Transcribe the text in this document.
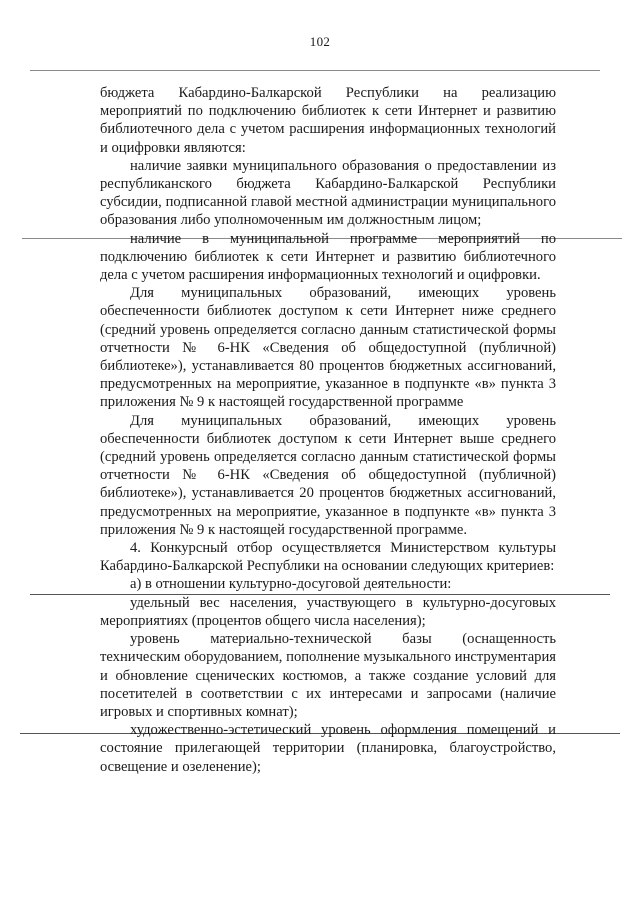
102

бюджета Кабардино-Балкарской Республики на реализацию мероприятий по подключению библиотек к сети Интернет и развитию библиотечного дела с учетом расширения информационных технологий и оцифровки являются:

наличие заявки муниципального образования о предоставлении из республиканского бюджета Кабардино-Балкарской Республики субсидии, подписанной главой местной администрации муниципального образования либо уполномоченным им должностным лицом;

наличие в муниципальной программе мероприятий по подключению библиотек к сети Интернет и развитию библиотечного дела с учетом расширения информационных технологий и оцифровки.

Для муниципальных образований, имеющих уровень обеспеченности библиотек доступом к сети Интернет ниже среднего (средний уровень определяется согласно данным статистической формы отчетности № 6-НК «Сведения об общедоступной (публичной) библиотеке»), устанавливается 80 процентов бюджетных ассигнований, предусмотренных на мероприятие, указанное в подпункте «в» пункта 3 приложения № 9 к настоящей государственной программе

Для муниципальных образований, имеющих уровень обеспеченности библиотек доступом к сети Интернет выше среднего (средний уровень определяется согласно данным статистической формы отчетности № 6-НК «Сведения об общедоступной (публичной) библиотеке»), устанавливается 20 процентов бюджетных ассигнований, предусмотренных на мероприятие, указанное в подпункте «в» пункта 3 приложения № 9 к настоящей государственной программе.

4. Конкурсный отбор осуществляется Министерством культуры Кабардино-Балкарской Республики на основании следующих критериев:

а) в отношении культурно-досуговой деятельности:

удельный вес населения, участвующего в культурно-досуговых мероприятиях (процентов общего числа населения);

уровень материально-технической базы (оснащенность техническим оборудованием, пополнение музыкального инструментария и обновление сценических костюмов, а также создание условий для посетителей в соответствии с их интересами и запросами (наличие игровых и спортивных комнат);

художественно-эстетический уровень оформления помещений и состояние прилегающей территории (планировка, благоустройство, освещение и озеленение);
